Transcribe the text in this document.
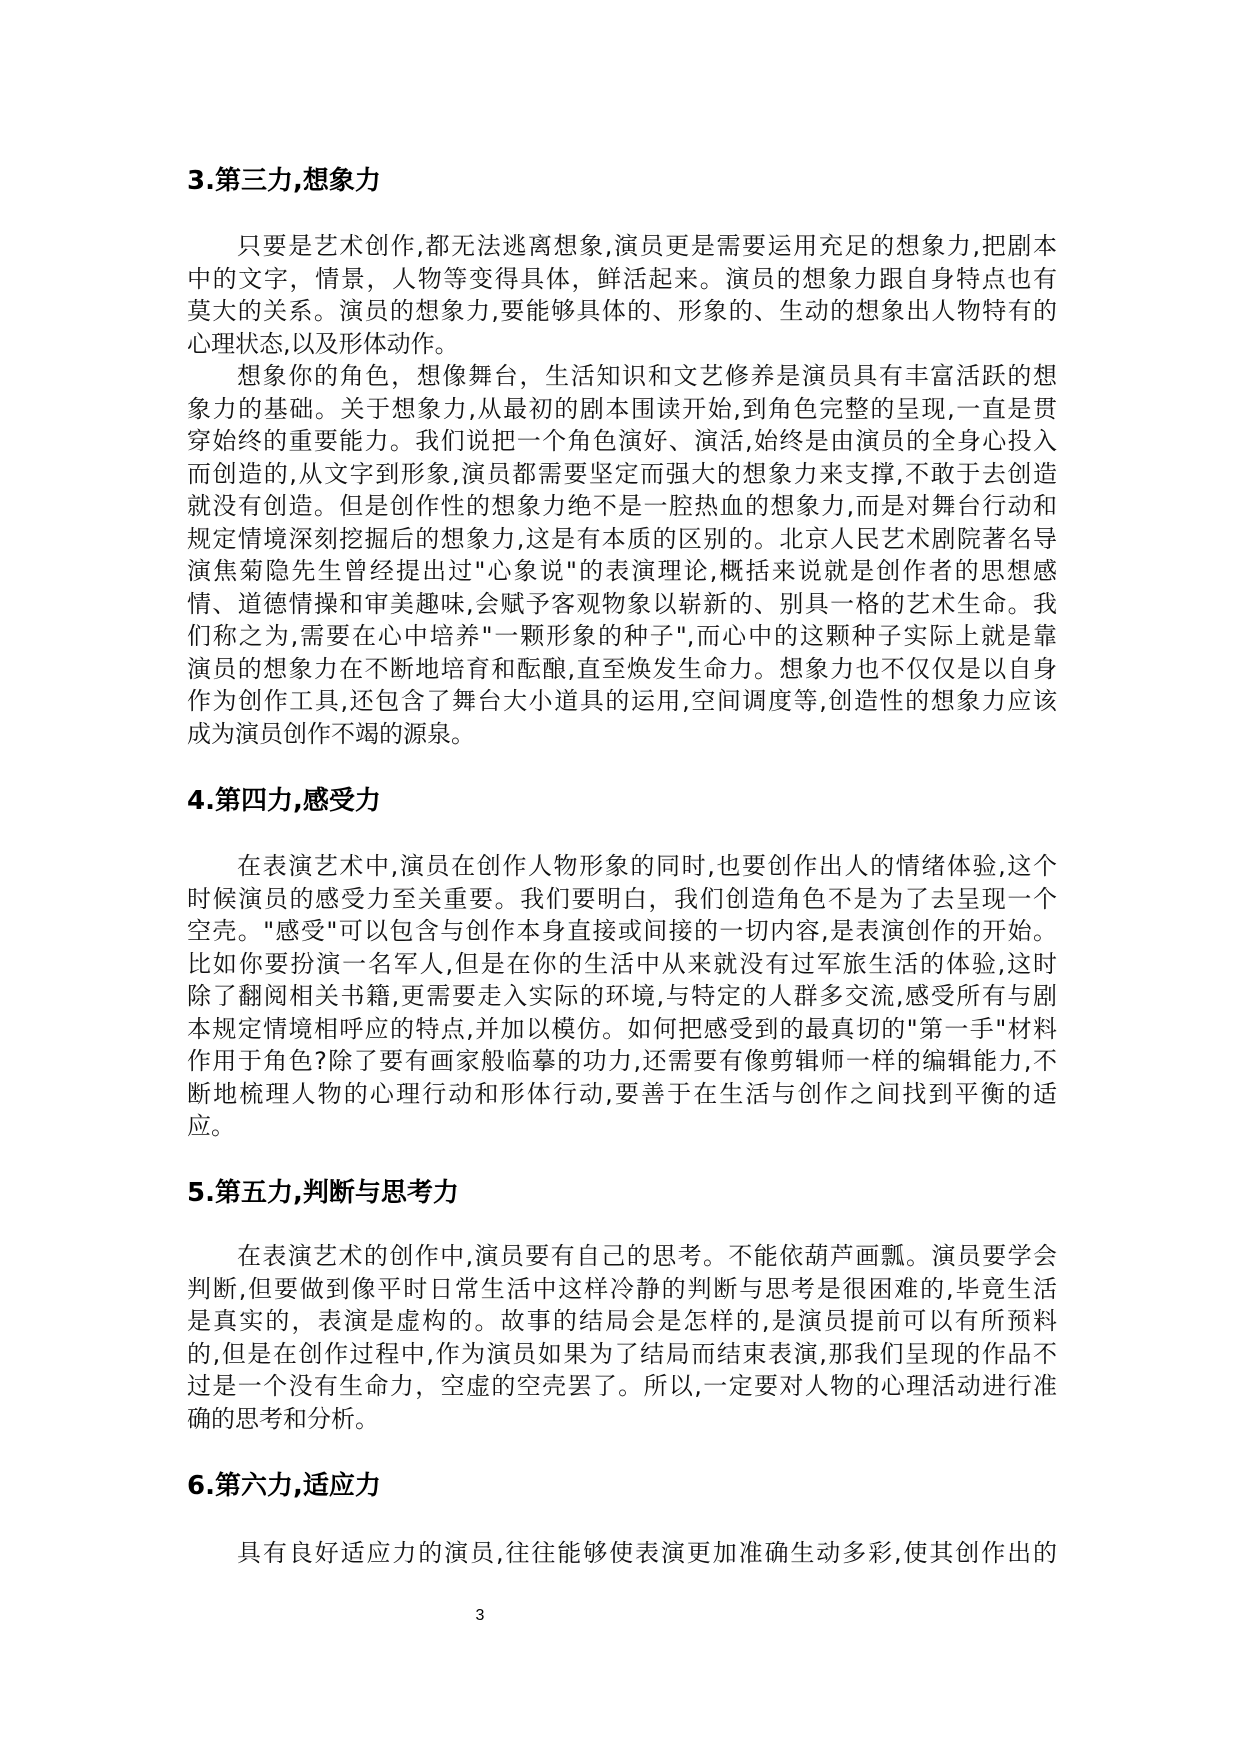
3.第三力,想象力
只要是艺术创作,都无法逃离想象,演员更是需要运用充足的想象力,把剧本
中的文字，情景，人物等变得具体，鲜活起来。演员的想象力跟自身特点也有
莫大的关系。演员的想象力,要能够具体的、形象的、生动的想象出人物特有的
心理状态,以及形体动作。
想象你的角色，想像舞台，生活知识和文艺修养是演员具有丰富活跃的想
象力的基础。关于想象力,从最初的剧本围读开始,到角色完整的呈现,一直是贯
穿始终的重要能力。我们说把一个角色演好、演活,始终是由演员的全身心投入
而创造的,从文字到形象,演员都需要坚定而强大的想象力来支撑,不敢于去创造
就没有创造。但是创作性的想象力绝不是一腔热血的想象力,而是对舞台行动和
规定情境深刻挖掘后的想象力,这是有本质的区别的。北京人民艺术剧院著名导
演焦菊隐先生曾经提出过"心象说"的表演理论,概括来说就是创作者的思想感
情、道德情操和审美趣味,会赋予客观物象以崭新的、别具一格的艺术生命。我
们称之为,需要在心中培养"一颗形象的种子",而心中的这颗种子实际上就是靠
演员的想象力在不断地培育和酝酿,直至焕发生命力。想象力也不仅仅是以自身
作为创作工具,还包含了舞台大小道具的运用,空间调度等,创造性的想象力应该
成为演员创作不竭的源泉。
4.第四力,感受力
在表演艺术中,演员在创作人物形象的同时,也要创作出人的情绪体验,这个
时候演员的感受力至关重要。我们要明白，我们创造角色不是为了去呈现一个
空壳。"感受"可以包含与创作本身直接或间接的一切内容,是表演创作的开始。
比如你要扮演一名军人,但是在你的生活中从来就没有过军旅生活的体验,这时
除了翻阅相关书籍,更需要走入实际的环境,与特定的人群多交流,感受所有与剧
本规定情境相呼应的特点,并加以模仿。如何把感受到的最真切的"第一手"材料
作用于角色?除了要有画家般临摹的功力,还需要有像剪辑师一样的编辑能力,不
断地梳理人物的心理行动和形体行动,要善于在生活与创作之间找到平衡的适
应。
5.第五力,判断与思考力
在表演艺术的创作中,演员要有自己的思考。不能依葫芦画瓢。演员要学会
判断,但要做到像平时日常生活中这样冷静的判断与思考是很困难的,毕竟生活
是真实的，表演是虚构的。故事的结局会是怎样的,是演员提前可以有所预料
的,但是在创作过程中,作为演员如果为了结局而结束表演,那我们呈现的作品不
过是一个没有生命力，空虚的空壳罢了。所以,一定要对人物的心理活动进行准
确的思考和分析。
6.第六力,适应力
具有良好适应力的演员,往往能够使表演更加准确生动多彩,使其创作出的
3
